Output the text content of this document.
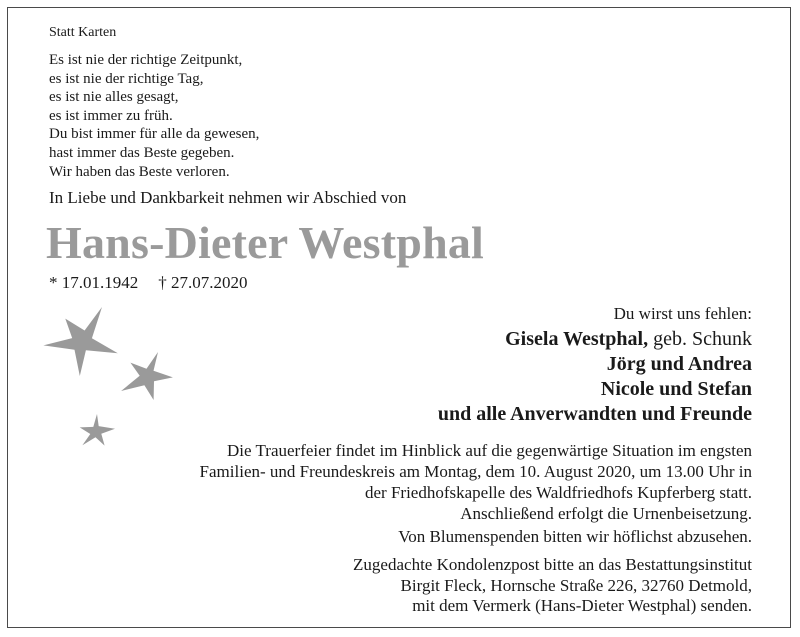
Statt Karten
Es ist nie der richtige Zeitpunkt,
es ist nie der richtige Tag,
es ist nie alles gesagt,
es ist immer zu früh.
Du bist immer für alle da gewesen,
hast immer das Beste gegeben.
Wir haben das Beste verloren.
In Liebe und Dankbarkeit nehmen wir Abschied von
Hans-Dieter Westphal
* 17.01.1942 † 27.07.2020
Du wirst uns fehlen:
Gisela Westphal, geb. Schunk
Jörg und Andrea
Nicole und Stefan
und alle Anverwandten und Freunde
Die Trauerfeier findet im Hinblick auf die gegenwärtige Situation im engsten
Familien- und Freundeskreis am Montag, dem 10. August 2020, um 13.00 Uhr in
der Friedhofskapelle des Waldfriedhofs Kupferberg statt.
Anschließend erfolgt die Urnenbeisetzung.
Von Blumenspenden bitten wir höflichst abzusehen.
Zugedachte Kondolenzpost bitte an das Bestattungsinstitut
Birgit Fleck, Hornsche Straße 226, 32760 Detmold,
mit dem Vermerk (Hans-Dieter Westphal) senden.
